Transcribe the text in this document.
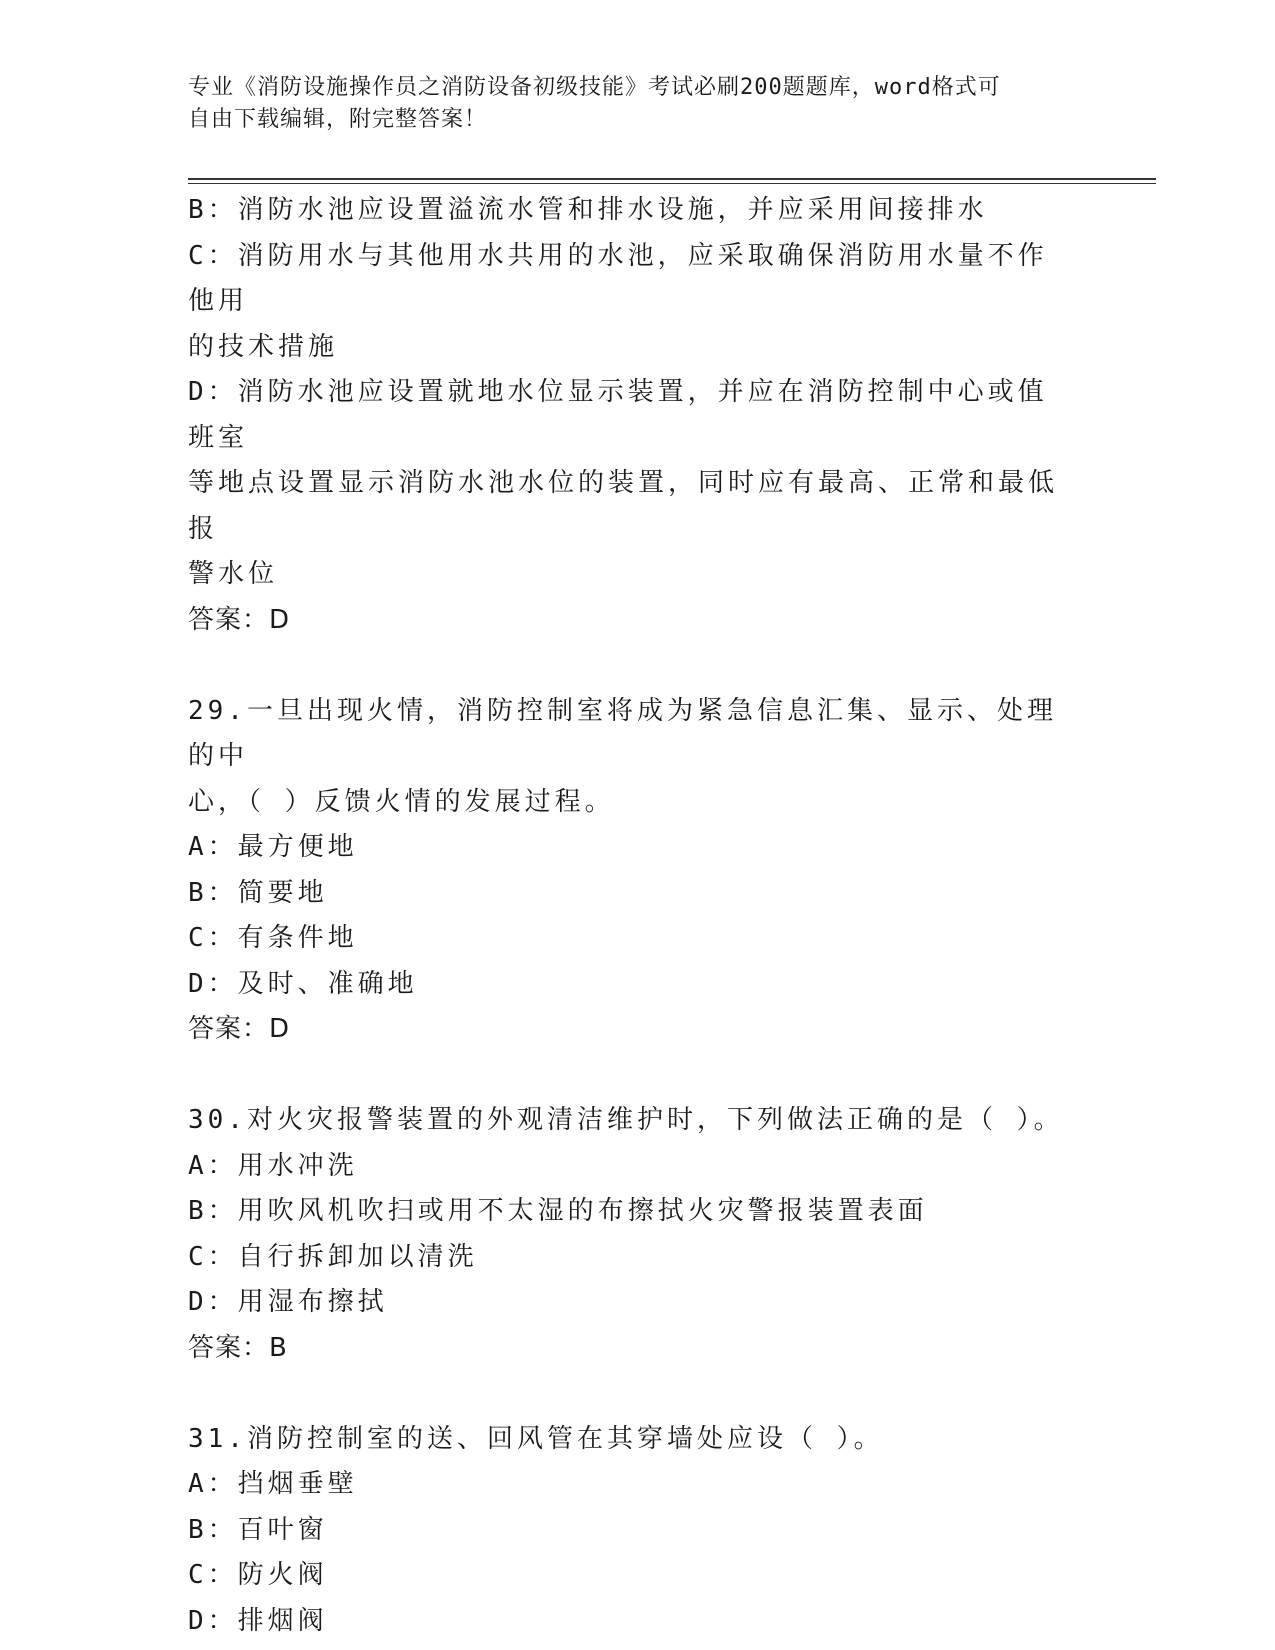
专业《消防设施操作员之消防设备初级技能》考试必刷200题题库，word格式可
自由下载编辑，附完整答案！

B：消防水池应设置溢流水管和排水设施，并应采用间接排水

C：消防用水与其他用水共用的水池，应采取确保消防用水量不作他用

的技术措施

D：消防水池应设置就地水位显示装置，并应在消防控制中心或值班室

等地点设置显示消防水池水位的装置，同时应有最高、正常和最低报

警水位

答案：D

29.一旦出现火情，消防控制室将成为紧急信息汇集、显示、处理的中

心，（ ）反馈火情的发展过程。

A：最方便地

B：简要地

C：有条件地

D：及时、准确地

答案：D

30.对火灾报警装置的外观清洁维护时，下列做法正确的是（ ）。

A：用水冲洗

B：用吹风机吹扫或用不太湿的布擦拭火灾警报装置表面

C：自行拆卸加以清洗

D：用湿布擦拭

答案：B

31.消防控制室的送、回风管在其穿墙处应设（ ）。

A：挡烟垂壁

B：百叶窗

C：防火阀

D：排烟阀
